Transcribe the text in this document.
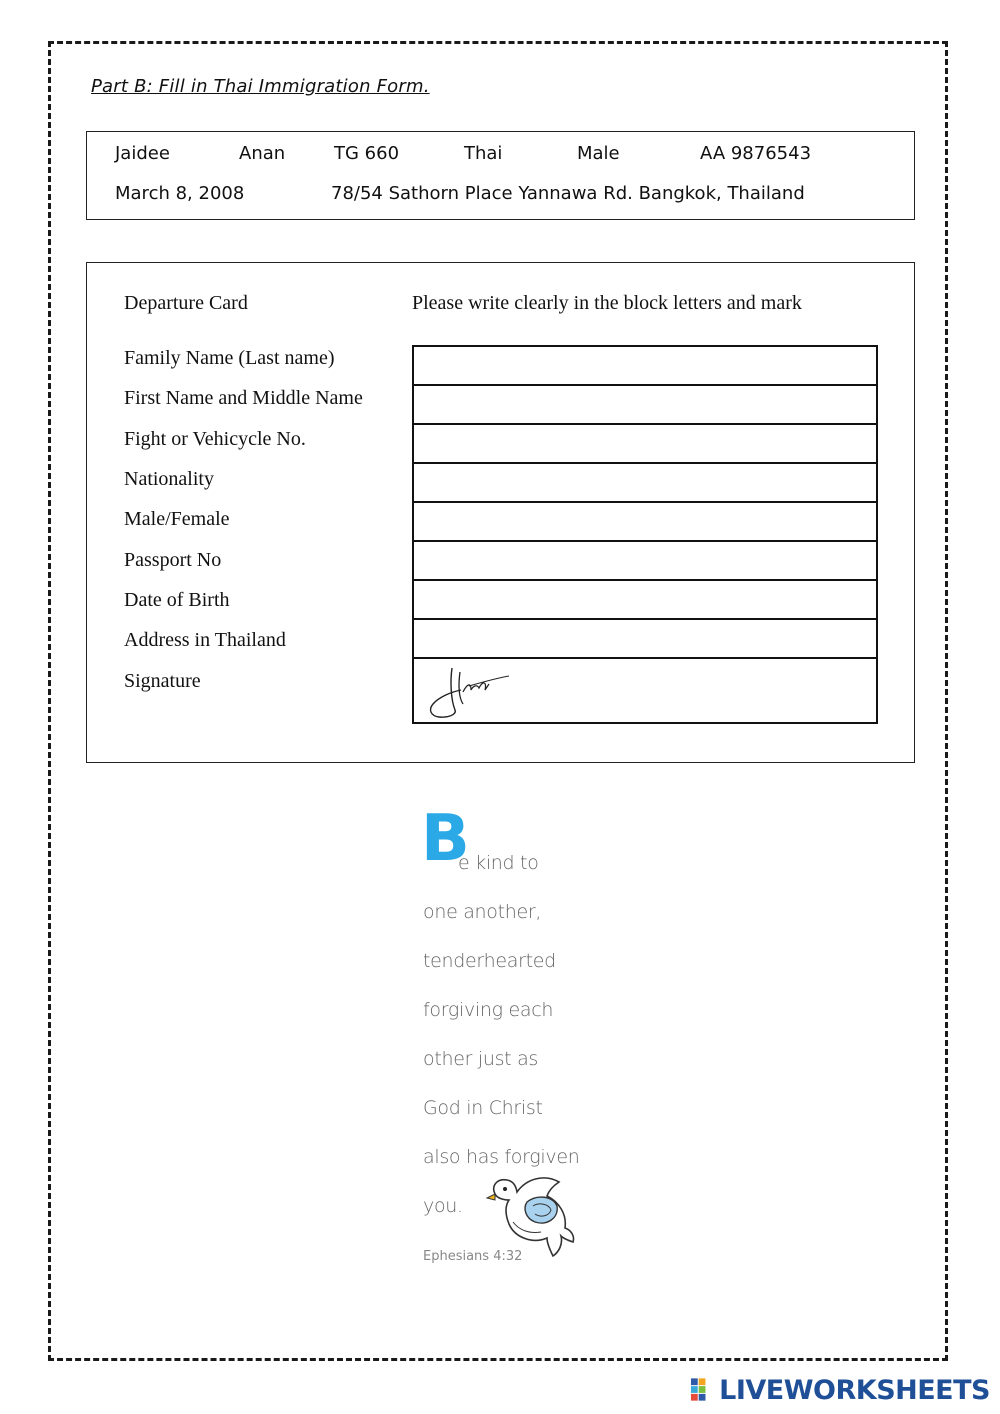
Part B: Fill in Thai Immigration Form.
Jaidee	Anan	TG 660	Thai	Male	AA 9876543
March 8, 2008	78/54 Sathorn Place Yannawa Rd. Bangkok, Thailand
Departure Card	Please write clearly in the block letters and mark
Family Name (Last name)
First Name and Middle Name
Fight or Vehicycle No.
Nationality
Male/Female
Passport No
Date of Birth
Address in Thailand
Signature
B
e kind to
one another,
tenderhearted
forgiving each
other just as
God in Christ
also has forgiven
you.
Ephesians 4:32
LIVEWORKSHEETS
